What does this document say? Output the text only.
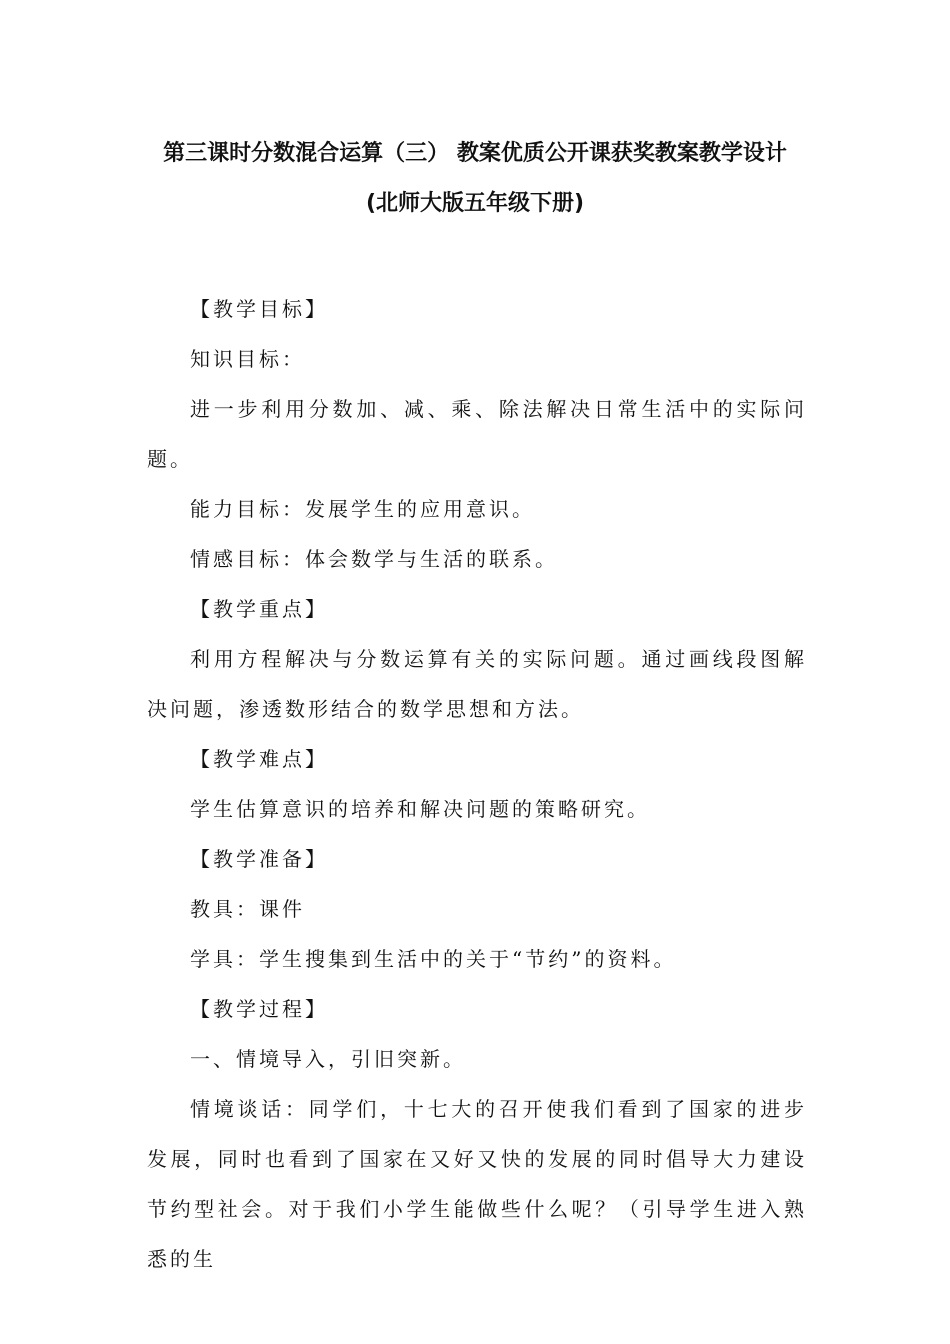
第三课时分数混合运算（三） 教案优质公开课获奖教案教学设计
(北师大版五年级下册)

【教学目标】

知识目标：

进一步利用分数加、减、乘、除法解决日常生活中的实际问题。

能力目标：发展学生的应用意识。

情感目标：体会数学与生活的联系。

【教学重点】

利用方程解决与分数运算有关的实际问题。通过画线段图解决问题，渗透数形结合的数学思想和方法。

【教学难点】

学生估算意识的培养和解决问题的策略研究。

【教学准备】

教具：课件

学具：学生搜集到生活中的关于“节约”的资料。

【教学过程】

一、情境导入，引旧突新。

情境谈话：同学们，十七大的召开使我们看到了国家的进步发展，同时也看到了国家在又好又快的发展的同时倡导大力建设节约型社会。对于我们小学生能做些什么呢？（引导学生进入熟悉的生
